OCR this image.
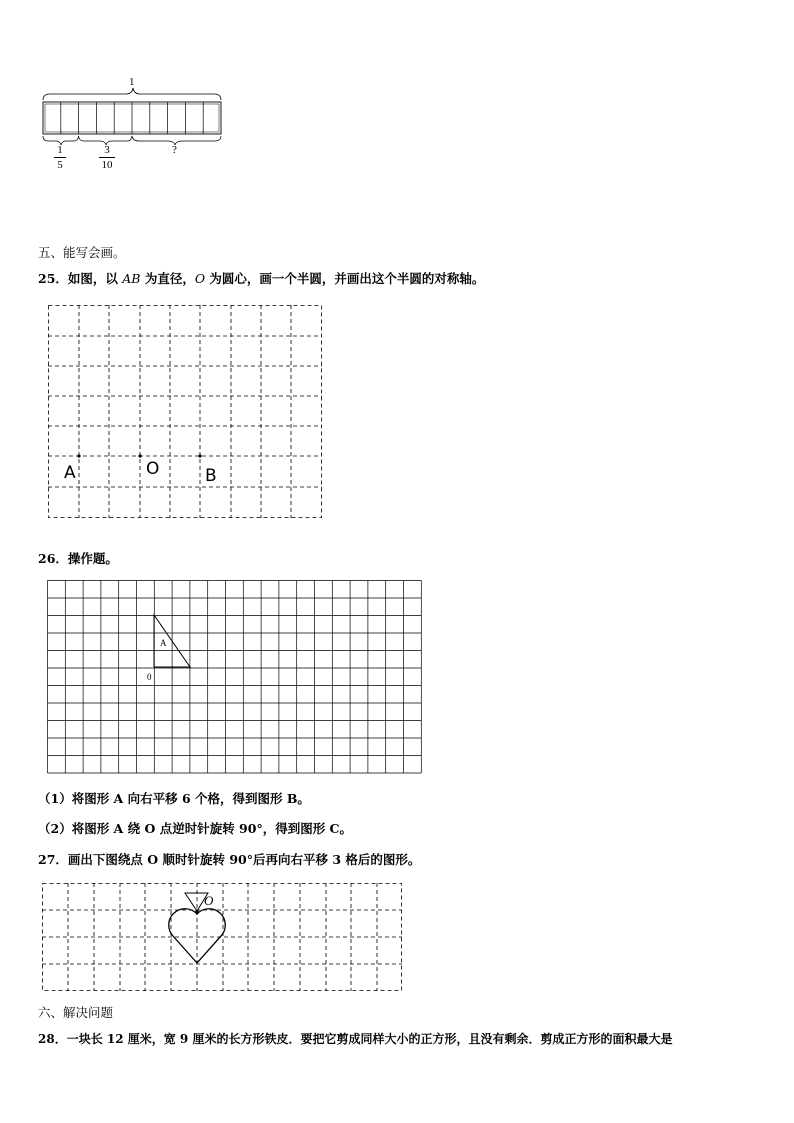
1
1
5
3
10
?
五、能写会画。
25．如图，以 AB 为直径，O 为圆心，画一个半圆，并画出这个半圆的对称轴。
A	O	B
26．操作题。
A
0
（1）将图形 A 向右平移 6 个格，得到图形 B。
（2）将图形 A 绕 O 点逆时针旋转 90°，得到图形 C。
27．画出下图绕点 O 顺时针旋转 90°后再向右平移 3 格后的图形。
O
六、解决问题
28．一块长 12 厘米，宽 9 厘米的长方形铁皮．要把它剪成同样大小的正方形，且没有剩余．剪成正方形的面积最大是
